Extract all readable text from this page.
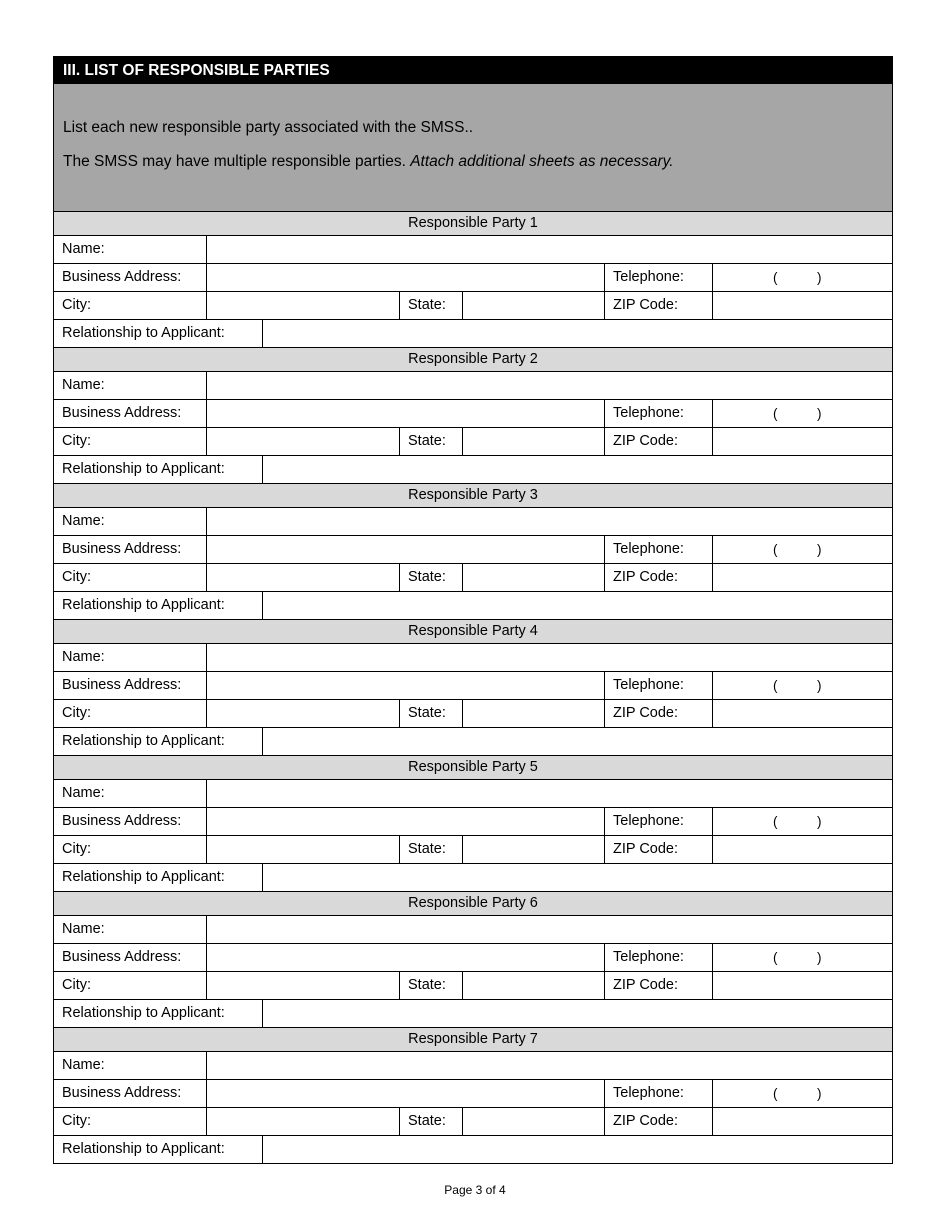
III. LIST OF RESPONSIBLE PARTIES

List each new responsible party associated with the SMSS..

The SMSS may have multiple responsible parties. Attach additional sheets as necessary.

Responsible Party 1
Name:
Business Address:	Telephone:	(	)
City:	State:	ZIP Code:
Relationship to Applicant:
Responsible Party 2
Name:
Business Address:	Telephone:	(	)
City:	State:	ZIP Code:
Relationship to Applicant:
Responsible Party 3
Name:
Business Address:	Telephone:	(	)
City:	State:	ZIP Code:
Relationship to Applicant:
Responsible Party 4
Name:
Business Address:	Telephone:	(	)
City:	State:	ZIP Code:
Relationship to Applicant:
Responsible Party 5
Name:
Business Address:	Telephone:	(	)
City:	State:	ZIP Code:
Relationship to Applicant:
Responsible Party 6
Name:
Business Address:	Telephone:	(	)
City:	State:	ZIP Code:
Relationship to Applicant:
Responsible Party 7
Name:
Business Address:	Telephone:	(	)
City:	State:	ZIP Code:
Relationship to Applicant:
Page 3 of 4
